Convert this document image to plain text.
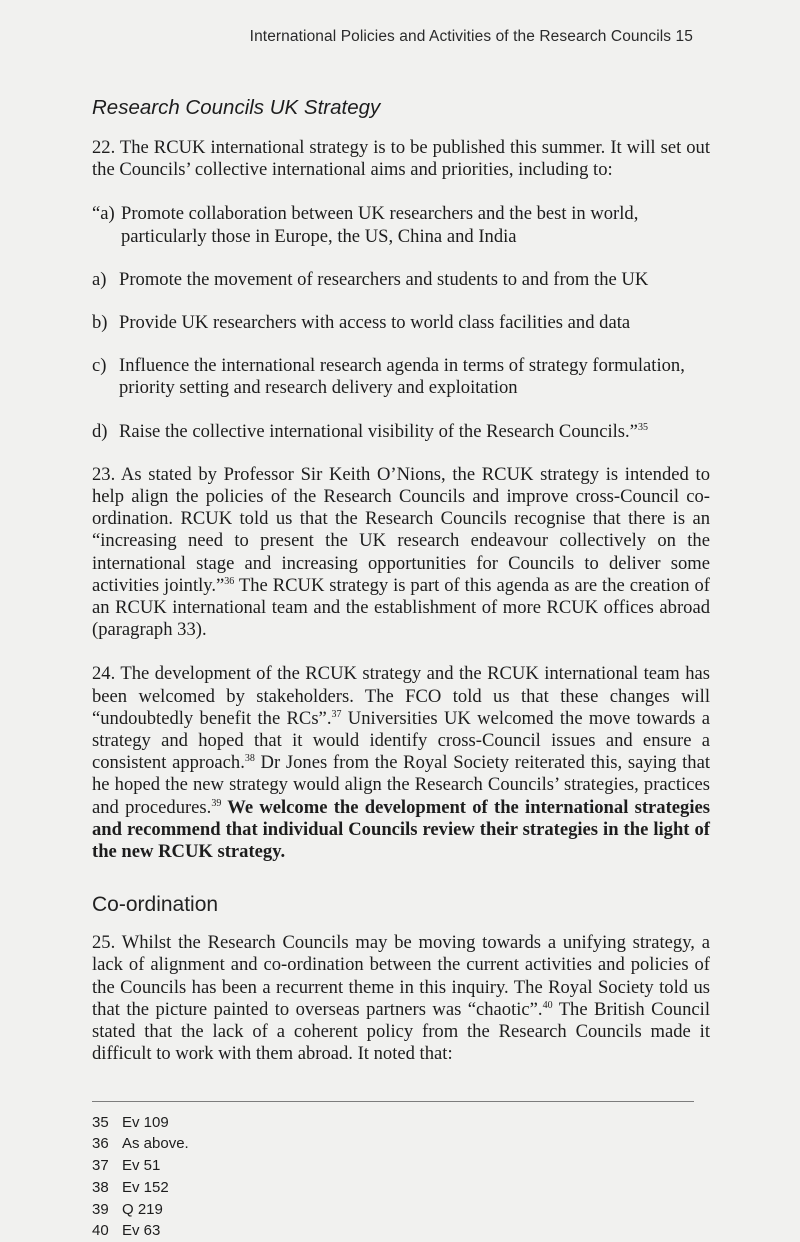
International Policies and Activities of the Research Councils 15
Research Councils UK Strategy

22. The RCUK international strategy is to be published this summer. It will set out the Councils’ collective international aims and priorities, including to:

“a) Promote collaboration between UK researchers and the best in world, particularly those in Europe, the US, China and India
a) Promote the movement of researchers and students to and from the UK
b) Provide UK researchers with access to world class facilities and data
c) Influence the international research agenda in terms of strategy formulation, priority setting and research delivery and exploitation
d) Raise the collective international visibility of the Research Councils.”$^{35}$

23. As stated by Professor Sir Keith O’Nions, the RCUK strategy is intended to help align the policies of the Research Councils and improve cross-Council co-ordination. RCUK told us that the Research Councils recognise that there is an “increasing need to present the UK research endeavour collectively on the international stage and increasing opportunities for Councils to deliver some activities jointly.”$^{36}$ The RCUK strategy is part of this agenda as are the creation of an RCUK international team and the establishment of more RCUK offices abroad (paragraph 33).

24. The development of the RCUK strategy and the RCUK international team has been welcomed by stakeholders. The FCO told us that these changes will “undoubtedly benefit the RCs”.$^{37}$ Universities UK welcomed the move towards a strategy and hoped that it would identify cross-Council issues and ensure a consistent approach.$^{38}$ Dr Jones from the Royal Society reiterated this, saying that he hoped the new strategy would align the Research Councils’ strategies, practices and procedures.$^{39}$ We welcome the development of the international strategies and recommend that individual Councils review their strategies in the light of the new RCUK strategy.

Co-ordination

25. Whilst the Research Councils may be moving towards a unifying strategy, a lack of alignment and co-ordination between the current activities and policies of the Councils has been a recurrent theme in this inquiry. The Royal Society told us that the picture painted to overseas partners was “chaotic”.$^{40}$ The British Council stated that the lack of a coherent policy from the Research Councils made it difficult to work with them abroad. It noted that:

35 Ev 109
36 As above.
37 Ev 51
38 Ev 152
39 Q 219
40 Ev 63
